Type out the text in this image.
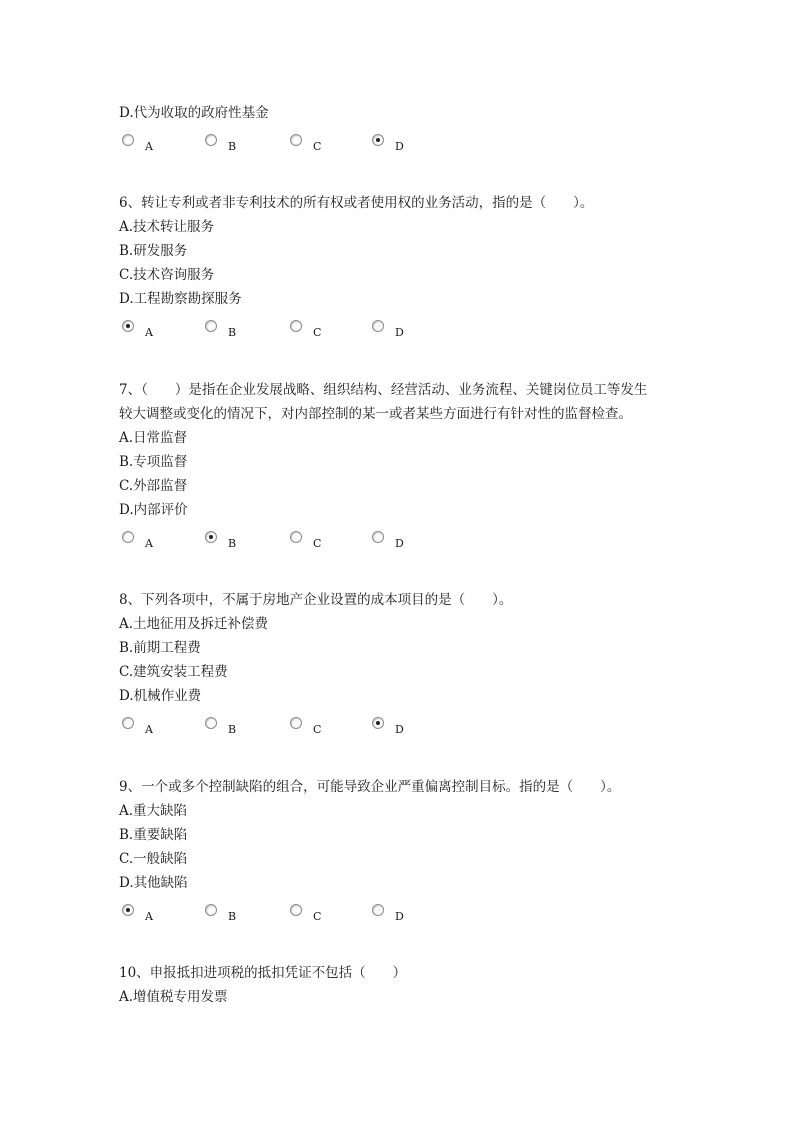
D.代为收取的政府性基金
A	B	C	D
6、转让专利或者非专利技术的所有权或者使用权的业务活动，指的是（　　）。
A.技术转让服务
B.研发服务
C.技术咨询服务
D.工程勘察勘探服务
A	B	C	D
7、（　　）是指在企业发展战略、组织结构、经营活动、业务流程、关键岗位员工等发生
较大调整或变化的情况下，对内部控制的某一或者某些方面进行有针对性的监督检查。
A.日常监督
B.专项监督
C.外部监督
D.内部评价
A	B	C	D
8、下列各项中，不属于房地产企业设置的成本项目的是（　　）。
A.土地征用及拆迁补偿费
B.前期工程费
C.建筑安装工程费
D.机械作业费
A	B	C	D
9、一个或多个控制缺陷的组合，可能导致企业严重偏离控制目标。指的是（　　）。
A.重大缺陷
B.重要缺陷
C.一般缺陷
D.其他缺陷
A	B	C	D
10、申报抵扣进项税的抵扣凭证不包括（　　）
A.增值税专用发票
